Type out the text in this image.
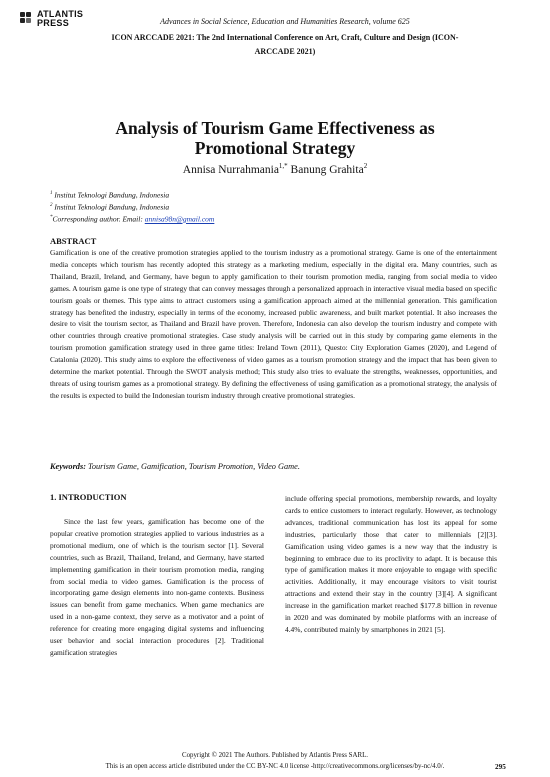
ATLANTIS
PRESS	Advances in Social Science, Education and Humanities Research, volume 625
ICON ARCCADE 2021: The 2nd International Conference on Art, Craft, Culture and Design (ICON-ARCCADE 2021)
Analysis of Tourism Game Effectiveness as Promotional Strategy
Annisa Nurrahmania$^{1,*}$ Banung Grahita$^2$
$^1$ Institut Teknologi Bandung, Indonesia
$^2$ Institut Teknologi Bandung, Indonesia
*Corresponding author. Email: annisa98n@gmail.com
ABSTRACT
Gamification is one of the creative promotion strategies applied to the tourism industry as a promotional strategy. Game is one of the entertainment media concepts which tourism has recently adopted this strategy as a marketing medium, especially in the digital era. Many countries, such as Thailand, Brazil, Ireland, and Germany, have begun to apply gamification to their tourism promotion media, ranging from social media to video games. A tourism game is one type of strategy that can convey messages through a personalized approach in interactive visual media based on specific tourism goals or themes. This type aims to attract customers using a gamification approach aimed at the millennial generation. This gamification strategy has benefited the industry, especially in terms of the economy, increased public awareness, and built market potential. It also increases the desire to visit the tourism sector, as Thailand and Brazil have proven. Therefore, Indonesia can also develop the tourism industry and compete with other countries through creative promotional strategies. Case study analysis will be carried out in this study by comparing game elements in the tourism promotion gamification strategy used in three game titles: Ireland Town (2011), Questo: City Exploration Games (2020), and Legend of Catalonia (2020). This study aims to explore the effectiveness of video games as a tourism promotion strategy and the impact that has been given to determine the market potential. Through the SWOT analysis method; This study also tries to evaluate the strengths, weaknesses, opportunities, and threats of using tourism games as a promotional strategy. By defining the effectiveness of using gamification as a promotional strategy, the analysis of the results is expected to build the Indonesian tourism industry through creative promotional strategies.
Keywords: Tourism Game, Gamification, Tourism Promotion, Video Game.
1. INTRODUCTION
Since the last few years, gamification has become one of the popular creative promotion strategies applied to various industries as a promotional medium, one of which is the tourism sector [1]. Several countries, such as Brazil, Thailand, Ireland, and Germany, have started implementing gamification in their tourism promotion media, ranging from social media to video games. Gamification is the process of incorporating game design elements into non-game contexts. Business issues can benefit from game mechanics. When game mechanics are used in a non-game context, they serve as a motivator and a point of reference for creating more engaging digital systems and influencing user behavior and social interaction procedures [2]. Traditional gamification strategies
include offering special promotions, membership rewards, and loyalty cards to entice customers to interact regularly. However, as technology advances, traditional communication has lost its appeal for some industries, particularly those that cater to millennials [2][3]. Gamification using video games is a new way that the industry is beginning to embrace due to its proclivity to adapt. It is because this type of gamification makes it more enjoyable to engage with specific activities. Additionally, it may encourage visitors to visit tourist attractions and extend their stay in the country [3][4]. A significant increase in the gamification market reached $177.8 billion in revenue in 2020 and was dominated by mobile platforms with an increase of 4.4%, contributed mainly by smartphones in 2021 [5].
Copyright © 2021 The Authors. Published by Atlantis Press SARL.
This is an open access article distributed under the CC BY-NC 4.0 license -http://creativecommons.org/licenses/by-nc/4.0/.	295
